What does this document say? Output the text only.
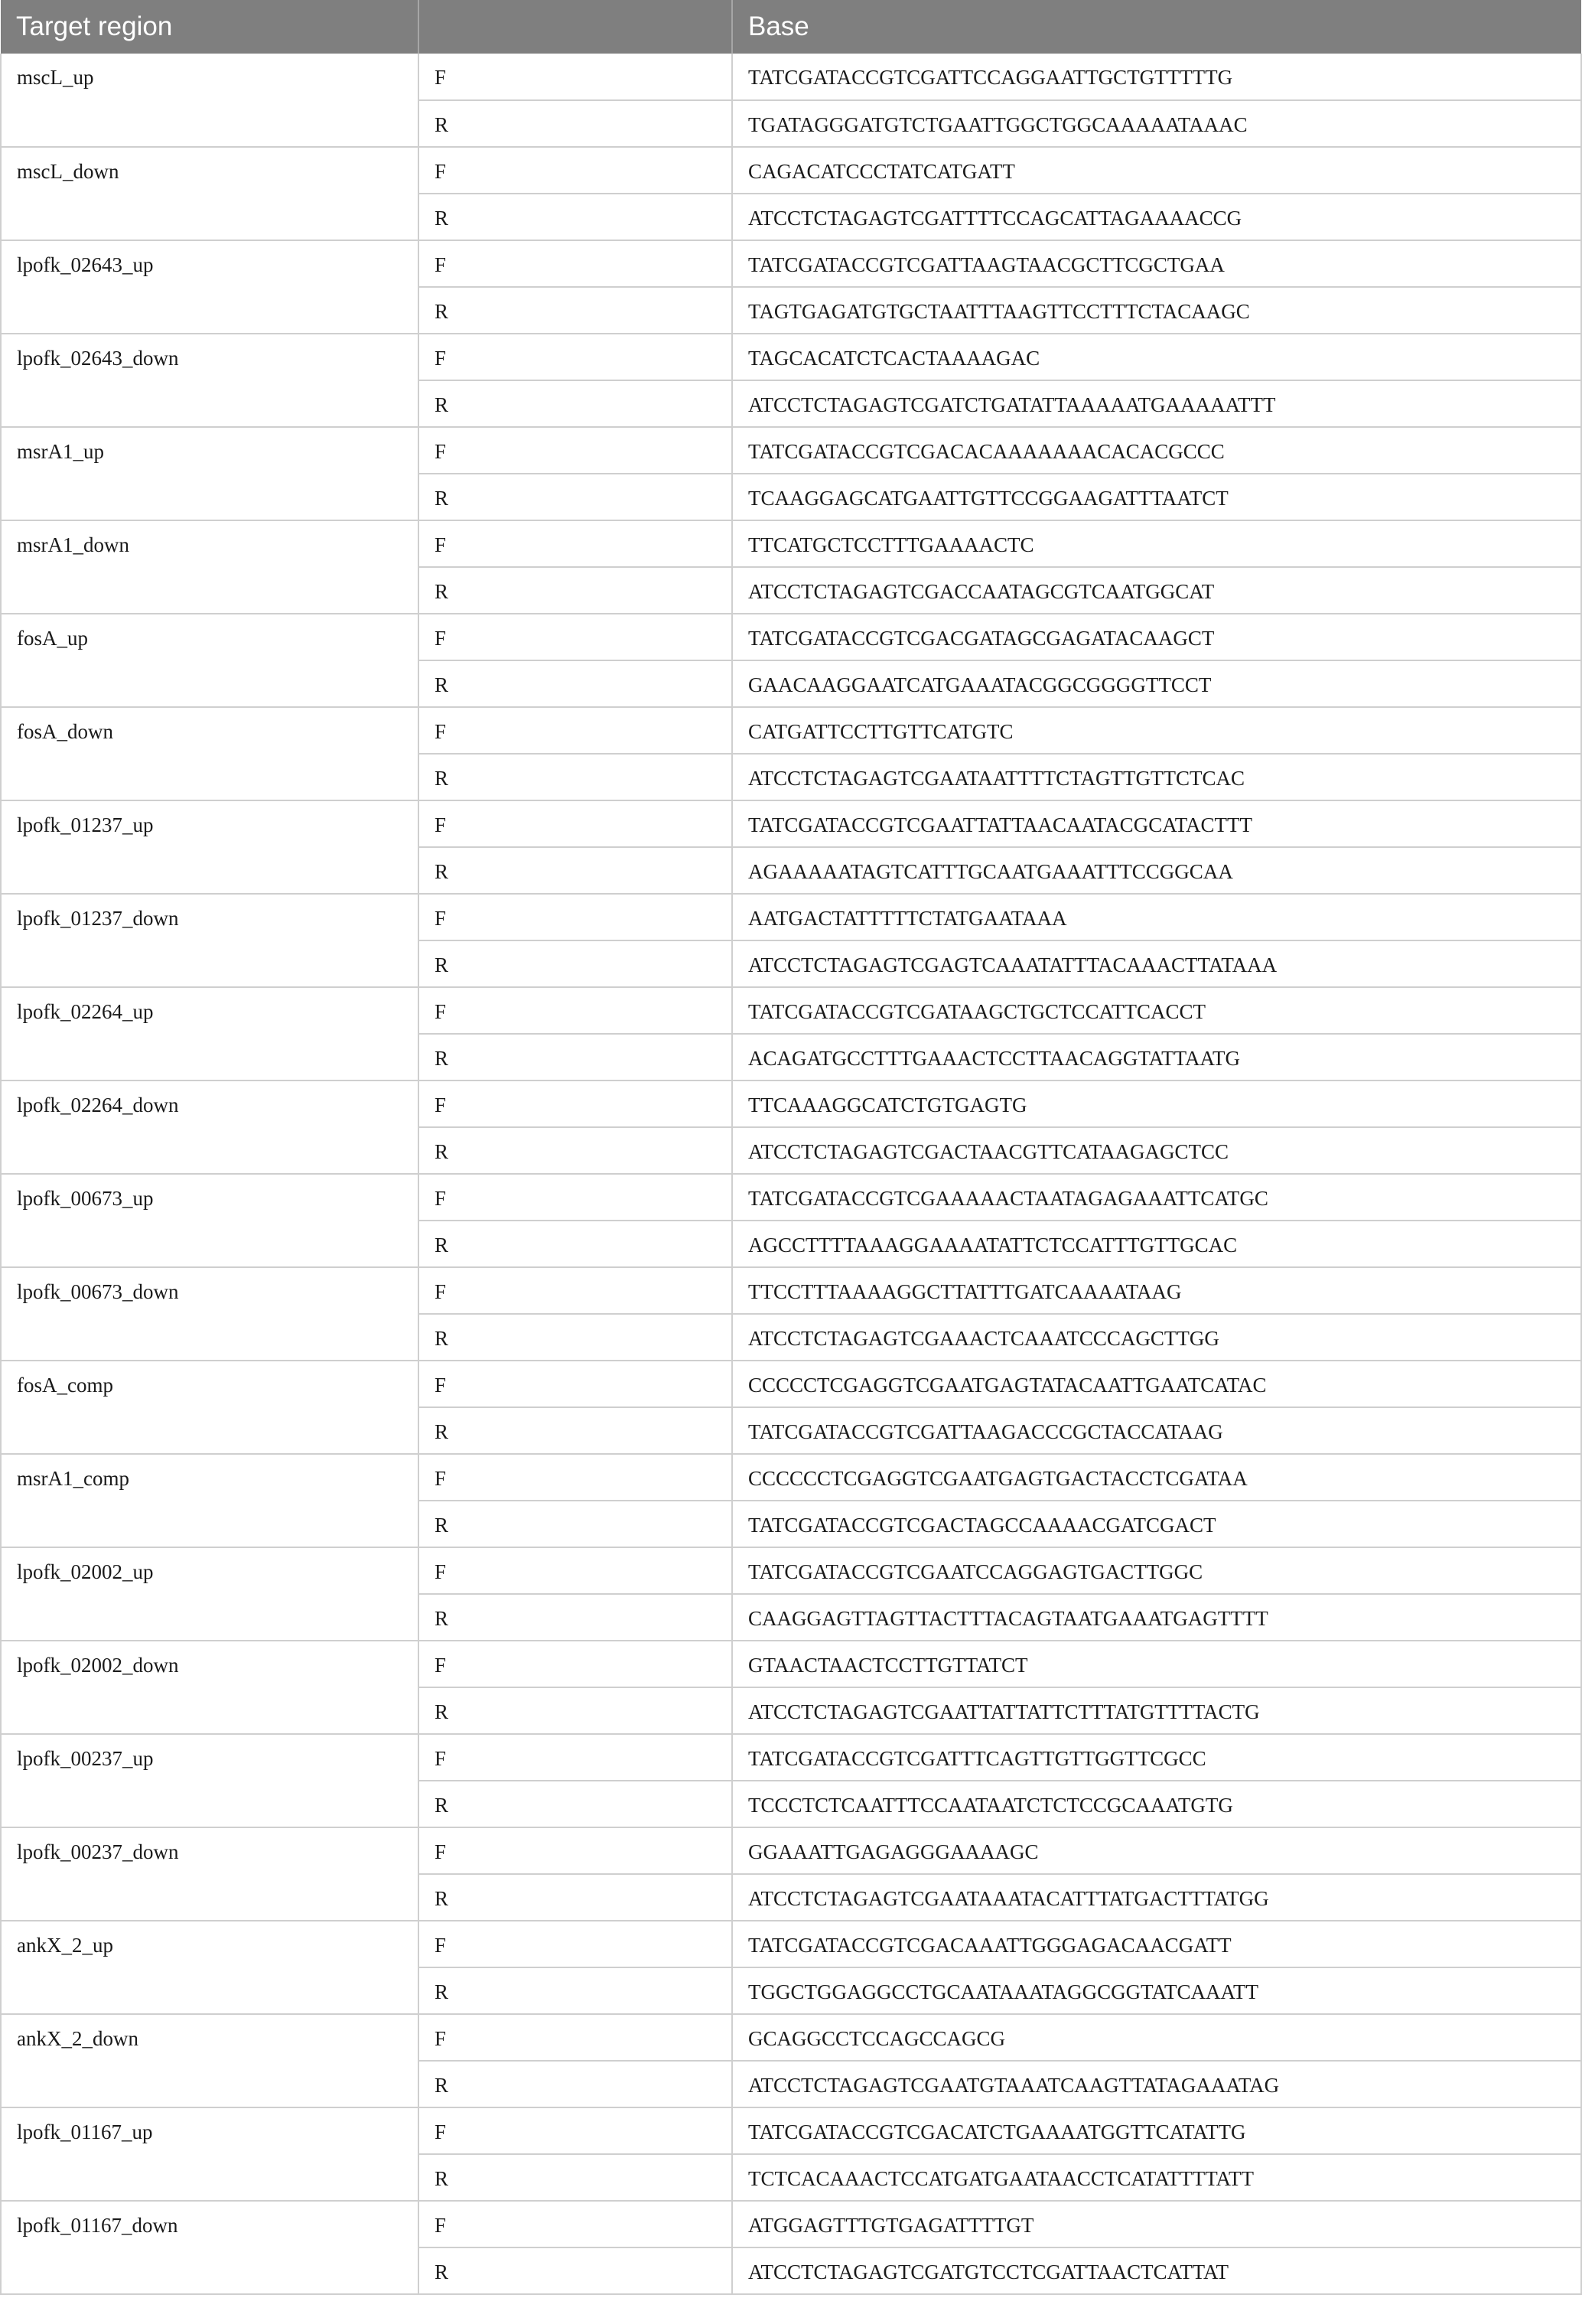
Target region		Base
mscL_up	F	TATCGATACCGTCGATTCCAGGAATTGCTGTTTTTG
	R	TGATAGGGATGTCTGAATTGGCTGGCAAAAATAAAC
mscL_down	F	CAGACATCCCTATCATGATT
	R	ATCCTCTAGAGTCGATTTTCCAGCATTAGAAAACCG
lpofk_02643_up	F	TATCGATACCGTCGATTAAGTAACGCTTCGCTGAA
	R	TAGTGAGATGTGCTAATTTAAGTTCCTTTCTACAAGC
lpofk_02643_down	F	TAGCACATCTCACTAAAAGAC
	R	ATCCTCTAGAGTCGATCTGATATTAAAAATGAAAAATTT
msrA1_up	F	TATCGATACCGTCGACACAAAAAAACACACGCCC
	R	TCAAGGAGCATGAATTGTTCCGGAAGATTTAATCT
msrA1_down	F	TTCATGCTCCTTTGAAAACTC
	R	ATCCTCTAGAGTCGACCAATAGCGTCAATGGCAT
fosA_up	F	TATCGATACCGTCGACGATAGCGAGATACAAGCT
	R	GAACAAGGAATCATGAAATACGGCGGGGTTCCT
fosA_down	F	CATGATTCCTTGTTCATGTC
	R	ATCCTCTAGAGTCGAATAATTTTCTAGTTGTTCTCAC
lpofk_01237_up	F	TATCGATACCGTCGAATTATTAACAATACGCATACTTT
	R	AGAAAAATAGTCATTTGCAATGAAATTTCCGGCAA
lpofk_01237_down	F	AATGACTATTTTTCTATGAATAAA
	R	ATCCTCTAGAGTCGAGTCAAATATTTACAAACTTATAAA
lpofk_02264_up	F	TATCGATACCGTCGATAAGCTGCTCCATTCACCT
	R	ACAGATGCCTTTGAAACTCCTTAACAGGTATTAATG
lpofk_02264_down	F	TTCAAAGGCATCTGTGAGTG
	R	ATCCTCTAGAGTCGACTAACGTTCATAAGAGCTCC
lpofk_00673_up	F	TATCGATACCGTCGAAAAACTAATAGAGAAATTCATGC
	R	AGCCTTTTAAAGGAAAATATTCTCCATTTGTTGCAC
lpofk_00673_down	F	TTCCTTTAAAAGGCTTATTTGATCAAAATAAG
	R	ATCCTCTAGAGTCGAAACTCAAATCCCAGCTTGG
fosA_comp	F	CCCCCTCGAGGTCGAATGAGTATACAATTGAATCATAC
	R	TATCGATACCGTCGATTAAGACCCGCTACCATAAG
msrA1_comp	F	CCCCCCTCGAGGTCGAATGAGTGACTACCTCGATAA
	R	TATCGATACCGTCGACTAGCCAAAACGATCGACT
lpofk_02002_up	F	TATCGATACCGTCGAATCCAGGAGTGACTTGGC
	R	CAAGGAGTTAGTTACTTTACAGTAATGAAATGAGTTTT
lpofk_02002_down	F	GTAACTAACTCCTTGTTATCT
	R	ATCCTCTAGAGTCGAATTATTATTCTTTATGTTTTACTG
lpofk_00237_up	F	TATCGATACCGTCGATTTCAGTTGTTGGTTCGCC
	R	TCCCTCTCAATTTCCAATAATCTCTCCGCAAATGTG
lpofk_00237_down	F	GGAAATTGAGAGGGAAAAGC
	R	ATCCTCTAGAGTCGAATAAATACATTTATGACTTTATGG
ankX_2_up	F	TATCGATACCGTCGACAAATTGGGAGACAACGATT
	R	TGGCTGGAGGCCTGCAATAAATAGGCGGTATCAAATT
ankX_2_down	F	GCAGGCCTCCAGCCAGCG
	R	ATCCTCTAGAGTCGAATGTAAATCAAGTTATAGAAATAG
lpofk_01167_up	F	TATCGATACCGTCGACATCTGAAAATGGTTCATATTG
	R	TCTCACAAACTCCATGATGAATAACCTCATATTTTATT
lpofk_01167_down	F	ATGGAGTTTGTGAGATTTTGT
	R	ATCCTCTAGAGTCGATGTCCTCGATTAACTCATTAT
